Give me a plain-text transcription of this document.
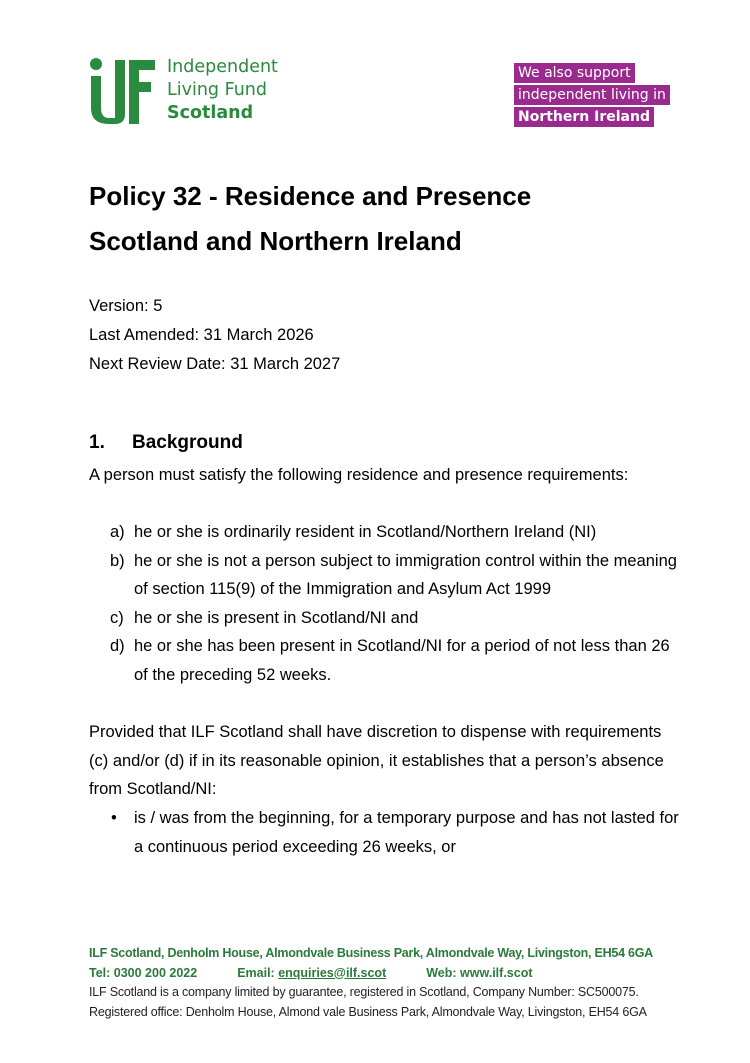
Independent
Living Fund
Scotland
We also support
independent living in
Northern Ireland
Policy 32 - Residence and Presence
Scotland and Northern Ireland
Version: 5
Last Amended: 31 March 2026
Next Review Date: 31 March 2027
1. Background
A person must satisfy the following residence and presence requirements:
a) he or she is ordinarily resident in Scotland/Northern Ireland (NI)
b) he or she is not a person subject to immigration control within the meaning of section 115(9) of the Immigration and Asylum Act 1999
c) he or she is present in Scotland/NI and
d) he or she has been present in Scotland/NI for a period of not less than 26 of the preceding 52 weeks.
Provided that ILF Scotland shall have discretion to dispense with requirements (c) and/or (d) if in its reasonable opinion, it establishes that a person’s absence from Scotland/NI:
• is / was from the beginning, for a temporary purpose and has not lasted for a continuous period exceeding 26 weeks, or
ILF Scotland, Denholm House, Almondvale Business Park, Almondvale Way, Livingston, EH54 6GA
Tel: 0300 200 2022	Email: enquiries@ilf.scot	Web: www.ilf.scot
ILF Scotland is a company limited by guarantee, registered in Scotland, Company Number: SC500075.
Registered office: Denholm House, Almond vale Business Park, Almondvale Way, Livingston, EH54 6GA
